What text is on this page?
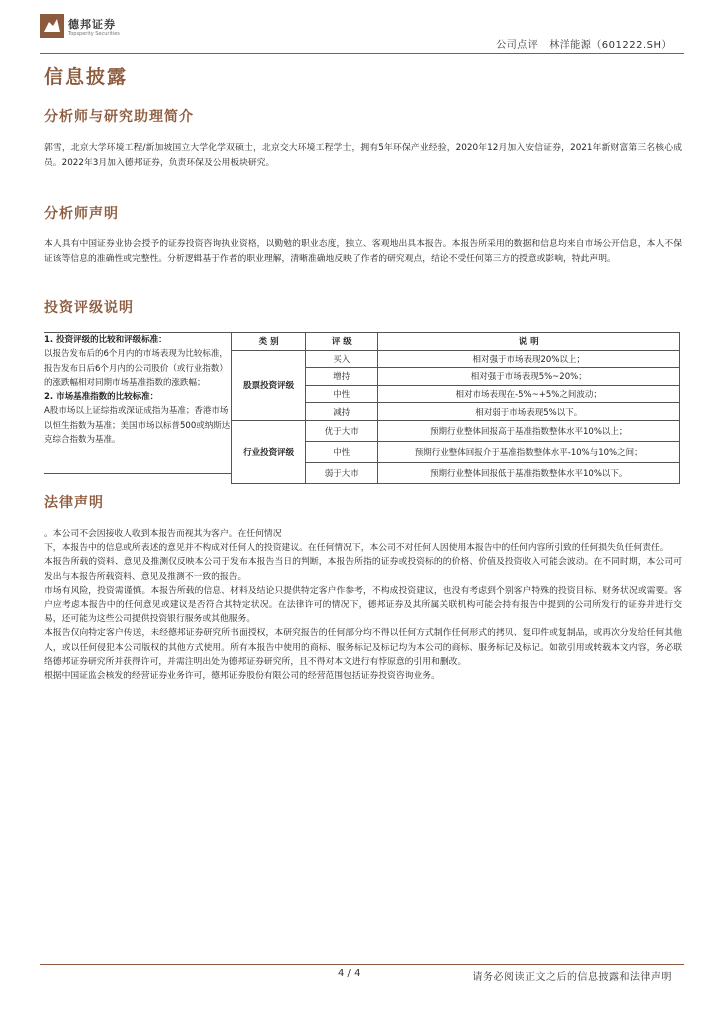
德邦证券
Topsperity Securities
公司点评 林洋能源（601222.SH）
信息披露
分析师与研究助理简介
郭雪，北京大学环境工程/新加坡国立大学化学双硕士，北京交大环境工程学士，拥有5年环保产业经验，2020年12月加入安信证券，2021年新财富第三名核心成员。2022年3月加入德邦证券，负责环保及公用板块研究。
分析师声明
本人具有中国证券业协会授予的证券投资咨询执业资格，以勤勉的职业态度，独立、客观地出具本报告。本报告所采用的数据和信息均来自市场公开信息，本人不保证该等信息的准确性或完整性。分析逻辑基于作者的职业理解，清晰准确地反映了作者的研究观点，结论不受任何第三方的授意或影响，特此声明。
投资评级说明
1. 投资评级的比较和评级标准：
以报告发布后的6个月内的市场表现为比较标准，报告发布日后6个月内的公司股价（或行业指数）的涨跌幅相对同期市场基准指数的涨跌幅；
2. 市场基准指数的比较标准：
A股市场以上证综指或深证成指为基准；香港市场以恒生指数为基准；美国市场以标普500或纳斯达克综合指数为基准。
类 别	评 级	说 明
股票投资评级	买入	相对强于市场表现20%以上；
	增持	相对强于市场表现5%~20%；
	中性	相对市场表现在-5%~+5%之间波动；
	减持	相对弱于市场表现5%以下。
行业投资评级	优于大市	预期行业整体回报高于基准指数整体水平10%以上；
	中性	预期行业整体回报介于基准指数整体水平-10%与10%之间；
	弱于大市	预期行业整体回报低于基准指数整体水平10%以下。
法律声明

。本公司不会因接收人收到本报告而视其为客户。在任何情况

下，本报告中的信息或所表述的意见并不构成对任何人的投资建议。在任何情况下，本公司不对任何人因使用本报告中的任何内容所引致的任何损失负任何责任。

本报告所载的资料、意见及推测仅反映本公司于发布本报告当日的判断，本报告所指的证券或投资标的的价格、价值及投资收入可能会波动。在不同时期，本公司可发出与本报告所载资料、意见及推测不一致的报告。

市场有风险，投资需谨慎。本报告所载的信息、材料及结论只提供特定客户作参考，不构成投资建议，也没有考虑到个别客户特殊的投资目标、财务状况或需要。客户应考虑本报告中的任何意见或建议是否符合其特定状况。在法律许可的情况下，德邦证券及其所属关联机构可能会持有报告中提到的公司所发行的证券并进行交易，还可能为这些公司提供投资银行服务或其他服务。

本报告仅向特定客户传送，未经德邦证券研究所书面授权，本研究报告的任何部分均不得以任何方式制作任何形式的拷贝、复印件或复制品，或再次分发给任何其他人，或以任何侵犯本公司版权的其他方式使用。所有本报告中使用的商标、服务标记及标记均为本公司的商标、服务标记及标记。如欲引用或转载本文内容，务必联络德邦证券研究所并获得许可，并需注明出处为德邦证券研究所，且不得对本文进行有悖原意的引用和删改。

根据中国证监会核发的经营证券业务许可，德邦证券股份有限公司的经营范围包括证券投资咨询业务。

4 / 4	请务必阅读正文之后的信息披露和法律声明
